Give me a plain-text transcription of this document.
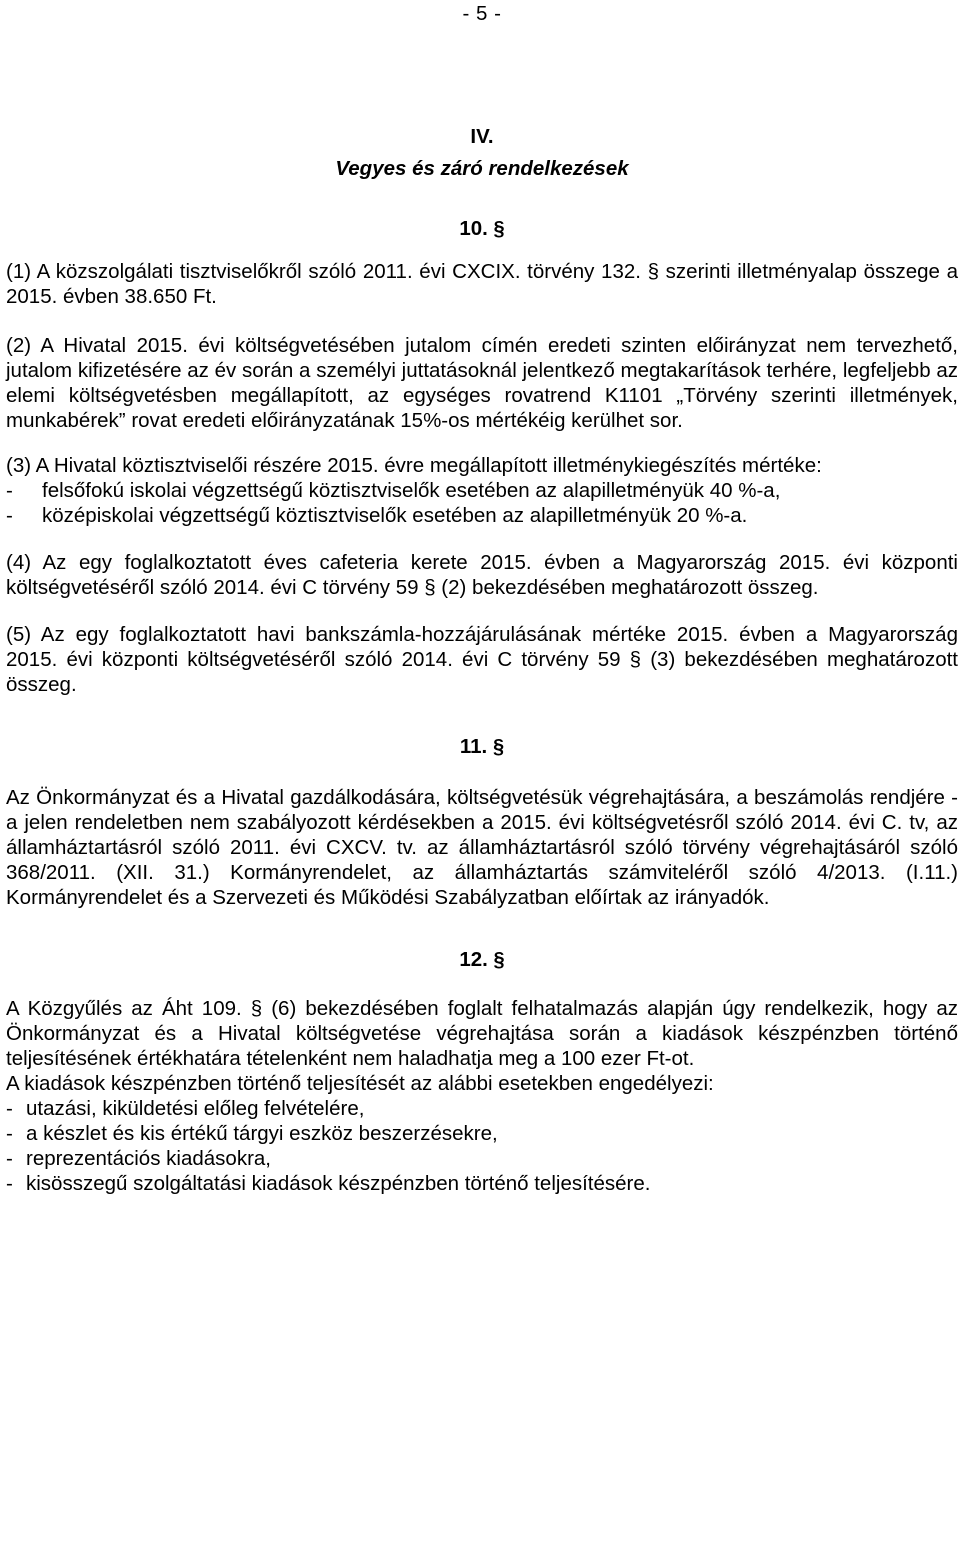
- 5 -
IV.
Vegyes és záró rendelkezések
10. §

(1) A közszolgálati tisztviselőkről szóló 2011. évi CXCIX. törvény 132. § szerinti illetményalap összege a 2015. évben 38.650 Ft.

(2) A Hivatal 2015. évi költségvetésében jutalom címén eredeti szinten előirányzat nem tervezhető, jutalom kifizetésére az év során a személyi juttatásoknál jelentkező megtakarítások terhére, legfeljebb az elemi költségvetésben megállapított, az egységes rovatrend K1101 „Törvény szerinti illetmények, munkabérek” rovat eredeti előirányzatának 15%-os mértékéig kerülhet sor.

(3) A Hivatal köztisztviselői részére 2015. évre megállapított illetménykiegészítés mértéke:

-	felsőfokú iskolai végzettségű köztisztviselők esetében az alapilletményük 40 %-a,
-	középiskolai végzettségű köztisztviselők esetében az alapilletményük 20 %-a.

(4) Az egy foglalkoztatott éves cafeteria kerete 2015. évben a Magyarország 2015. évi központi költségvetéséről szóló 2014. évi C törvény 59 § (2) bekezdésében meghatározott összeg.

(5) Az egy foglalkoztatott havi bankszámla-hozzájárulásának mértéke 2015. évben a Magyarország 2015. évi központi költségvetéséről szóló 2014. évi C törvény 59 § (3) bekezdésében meghatározott összeg.

11. §

Az Önkormányzat és a Hivatal gazdálkodására, költségvetésük végrehajtására, a beszámolás rendjére - a jelen rendeletben nem szabályozott kérdésekben a 2015. évi költségvetésről szóló 2014. évi C. tv, az államháztartásról szóló 2011. évi CXCV. tv. az államháztartásról szóló törvény végrehajtásáról szóló 368/2011. (XII. 31.) Kormányrendelet, az államháztartás számviteléről szóló 4/2013. (I.11.) Kormányrendelet és a Szervezeti és Működési Szabályzatban előírtak az irányadók.

12. §

A Közgyűlés az Áht 109. § (6) bekezdésében foglalt felhatalmazás alapján úgy rendelkezik, hogy az Önkormányzat és a Hivatal költségvetése végrehajtása során a kiadások készpénzben történő teljesítésének értékhatára tételenként nem haladhatja meg a 100 ezer Ft-ot.

A kiadások készpénzben történő teljesítését az alábbi esetekben engedélyezi:

- utazási, kiküldetési előleg felvételére,
- a készlet és kis értékű tárgyi eszköz beszerzésekre,
- reprezentációs kiadásokra,
- kisösszegű szolgáltatási kiadások készpénzben történő teljesítésére.
